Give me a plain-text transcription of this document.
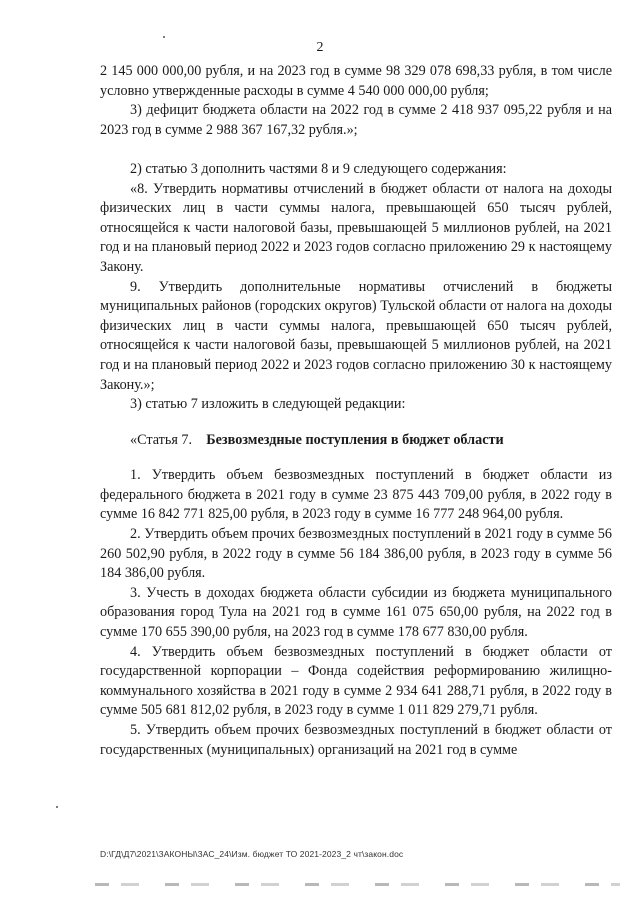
2

2 145 000 000,00 рубля, и на 2023 год в сумме 98 329 078 698,33 рубля, в том числе условно утвержденные расходы в сумме 4 540 000 000,00 рубля;

3) дефицит бюджета области на 2022 год в сумме 2 418 937 095,22 рубля и на 2023 год в сумме 2 988 367 167,32 рубля.»;

2) статью 3 дополнить частями 8 и 9 следующего содержания:

«8. Утвердить нормативы отчислений в бюджет области от налога на доходы физических лиц в части суммы налога, превышающей 650 тысяч рублей, относящейся к части налоговой базы, превышающей 5 миллионов рублей, на 2021 год и на плановый период 2022 и 2023 годов согласно приложению 29 к настоящему Закону.

9. Утвердить дополнительные нормативы отчислений в бюджеты муниципальных районов (городских округов) Тульской области от налога на доходы физических лиц в части суммы налога, превышающей 650 тысяч рублей, относящейся к части налоговой базы, превышающей 5 миллионов рублей, на 2021 год и на плановый период 2022 и 2023 годов согласно приложению 30 к настоящему Закону.»;

3) статью 7 изложить в следующей редакции:

«Статья 7. Безвозмездные поступления в бюджет области

1. Утвердить объем безвозмездных поступлений в бюджет области из федерального бюджета в 2021 году в сумме 23 875 443 709,00 рубля, в 2022 году в сумме 16 842 771 825,00 рубля, в 2023 году в сумме 16 777 248 964,00 рубля.

2. Утвердить объем прочих безвозмездных поступлений в 2021 году в сумме 56 260 502,90 рубля, в 2022 году в сумме 56 184 386,00 рубля, в 2023 году в сумме 56 184 386,00 рубля.

3. Учесть в доходах бюджета области субсидии из бюджета муниципального образования город Тула на 2021 год в сумме 161 075 650,00 рубля, на 2022 год в сумме 170 655 390,00 рубля, на 2023 год в сумме 178 677 830,00 рубля.

4. Утвердить объем безвозмездных поступлений в бюджет области от государственной корпорации – Фонда содействия реформированию жилищно-коммунального хозяйства в 2021 году в сумме 2 934 641 288,71 рубля, в 2022 году в сумме 505 681 812,02 рубля, в 2023 году в сумме 1 011 829 279,71 рубля.

5. Утвердить объем прочих безвозмездных поступлений в бюджет области от государственных (муниципальных) организаций на 2021 год в сумме

D:\ГД\Д7\2021\ЗАКОНЫ\ЗАС_24\Изм. бюджет ТО 2021-2023_2 чт\закон.doc
